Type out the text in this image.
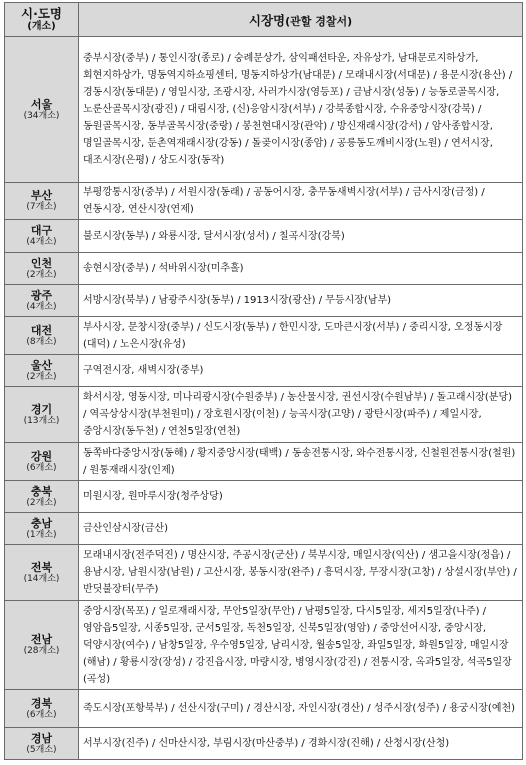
시·도명
(개소)	시장명(관할 경찰서)

서울
(34개소)	중부시장(중부) / 통인시장(종로) / 숭례문상가, 삼익패션타운, 자유상가, 남대문로지하상가, 회현지하상가, 명동역지하쇼핑센터, 명동지하상가(남대문) / 모래내시장(서대문) / 용문시장(용산) / 경동시장(동대문) / 영일시장, 조광시장, 사러가시장(영등포) / 금남시장(성동) / 능동로골목시장, 노룬산골목시장(광진) / 대림시장, (신)응암시장(서부) / 강북종합시장, 수유중앙시장(강북) / 동원골목시장, 동부골목시장(중랑) / 봉천현대시장(관악) / 방신재래시장(강서) / 암사종합시장, 명일골목시장, 둔촌역재래시장(강동) / 돌곶이시장(종암) / 공릉동도깨비시장(노원) / 연서시장, 대조시장(은평) / 상도시장(동작)

부산
(7개소)	부평깡통시장(중부) / 서원시장(동래) / 공동어시장, 충무동새벽시장(서부) / 금사시장(금정) / 연동시장, 연산시장(연제)

대구
(4개소)	불로시장(동부) / 와룡시장, 달서시장(성서) / 칠곡시장(강북)

인천
(2개소)	송현시장(중부) / 석바위시장(미추홀)

광주
(4개소)	서방시장(북부) / 남광주시장(동부) / 1913시장(광산) / 무등시장(남부)

대전
(8개소)	부사시장, 문창시장(중부) / 신도시장(동부) / 한민시장, 도마큰시장(서부) / 중리시장, 오정동시장(대덕) / 노은시장(유성)

울산
(2개소)	구역전시장, 새벽시장(중부)

경기
(13개소)	화서시장, 영동시장, 미나리광시장(수원중부) / 농산물시장, 권선시장(수원남부) / 돌고래시장(분당) / 역곡상상시장(부천원미) / 장호원시장(이천) / 능곡시장(고양) / 광탄시장(파주) / 제일시장, 중앙시장(동두천) / 연천5일장(연천)

강원
(6개소)	동쪽바다중앙시장(동해) / 황지중앙시장(태백) / 동송전통시장, 와수전통시장, 신철원전통시장(철원) / 원통재래시장(인제)

충북
(2개소)	미원시장, 원마루시장(청주상당)

충남
(1개소)	금산인삼시장(금산)

전북
(14개소)	모래내시장(전주덕진) / 명산시장, 주공시장(군산) / 북부시장, 매일시장(익산) / 샘고을시장(정읍) / 용남시장, 남원시장(남원) / 고산시장, 봉동시장(완주) / 흥덕시장, 무장시장(고창) / 상설시장(부안) / 반딧불장터(무주)

전남
(28개소)	중앙시장(목포) / 일로재래시장, 무안5일장(무안) / 남평5일장, 다시5일장, 세지5일장(나주) / 영암읍5일장, 시종5일장, 군서5일장, 독천5일장, 신북5일장(영암) / 중앙선어시장, 중앙시장, 덕양시장(여수) / 남창5일장, 우수영5일장, 남리시장, 월송5일장, 좌일5일장, 화원5일장, 매일시장(해남) / 황룡시장(장성) / 강진읍시장, 마량시장, 병영시장(강진) / 전통시장, 옥과5일장, 석곡5일장(곡성)

경북
(6개소)	죽도시장(포항북부) / 선산시장(구미) / 경산시장, 자인시장(경산) / 성주시장(성주) / 용궁시장(예천)

경남
(5개소)	서부시장(진주) / 신마산시장, 부림시장(마산중부) / 경화시장(진해) / 산청시장(산청)
